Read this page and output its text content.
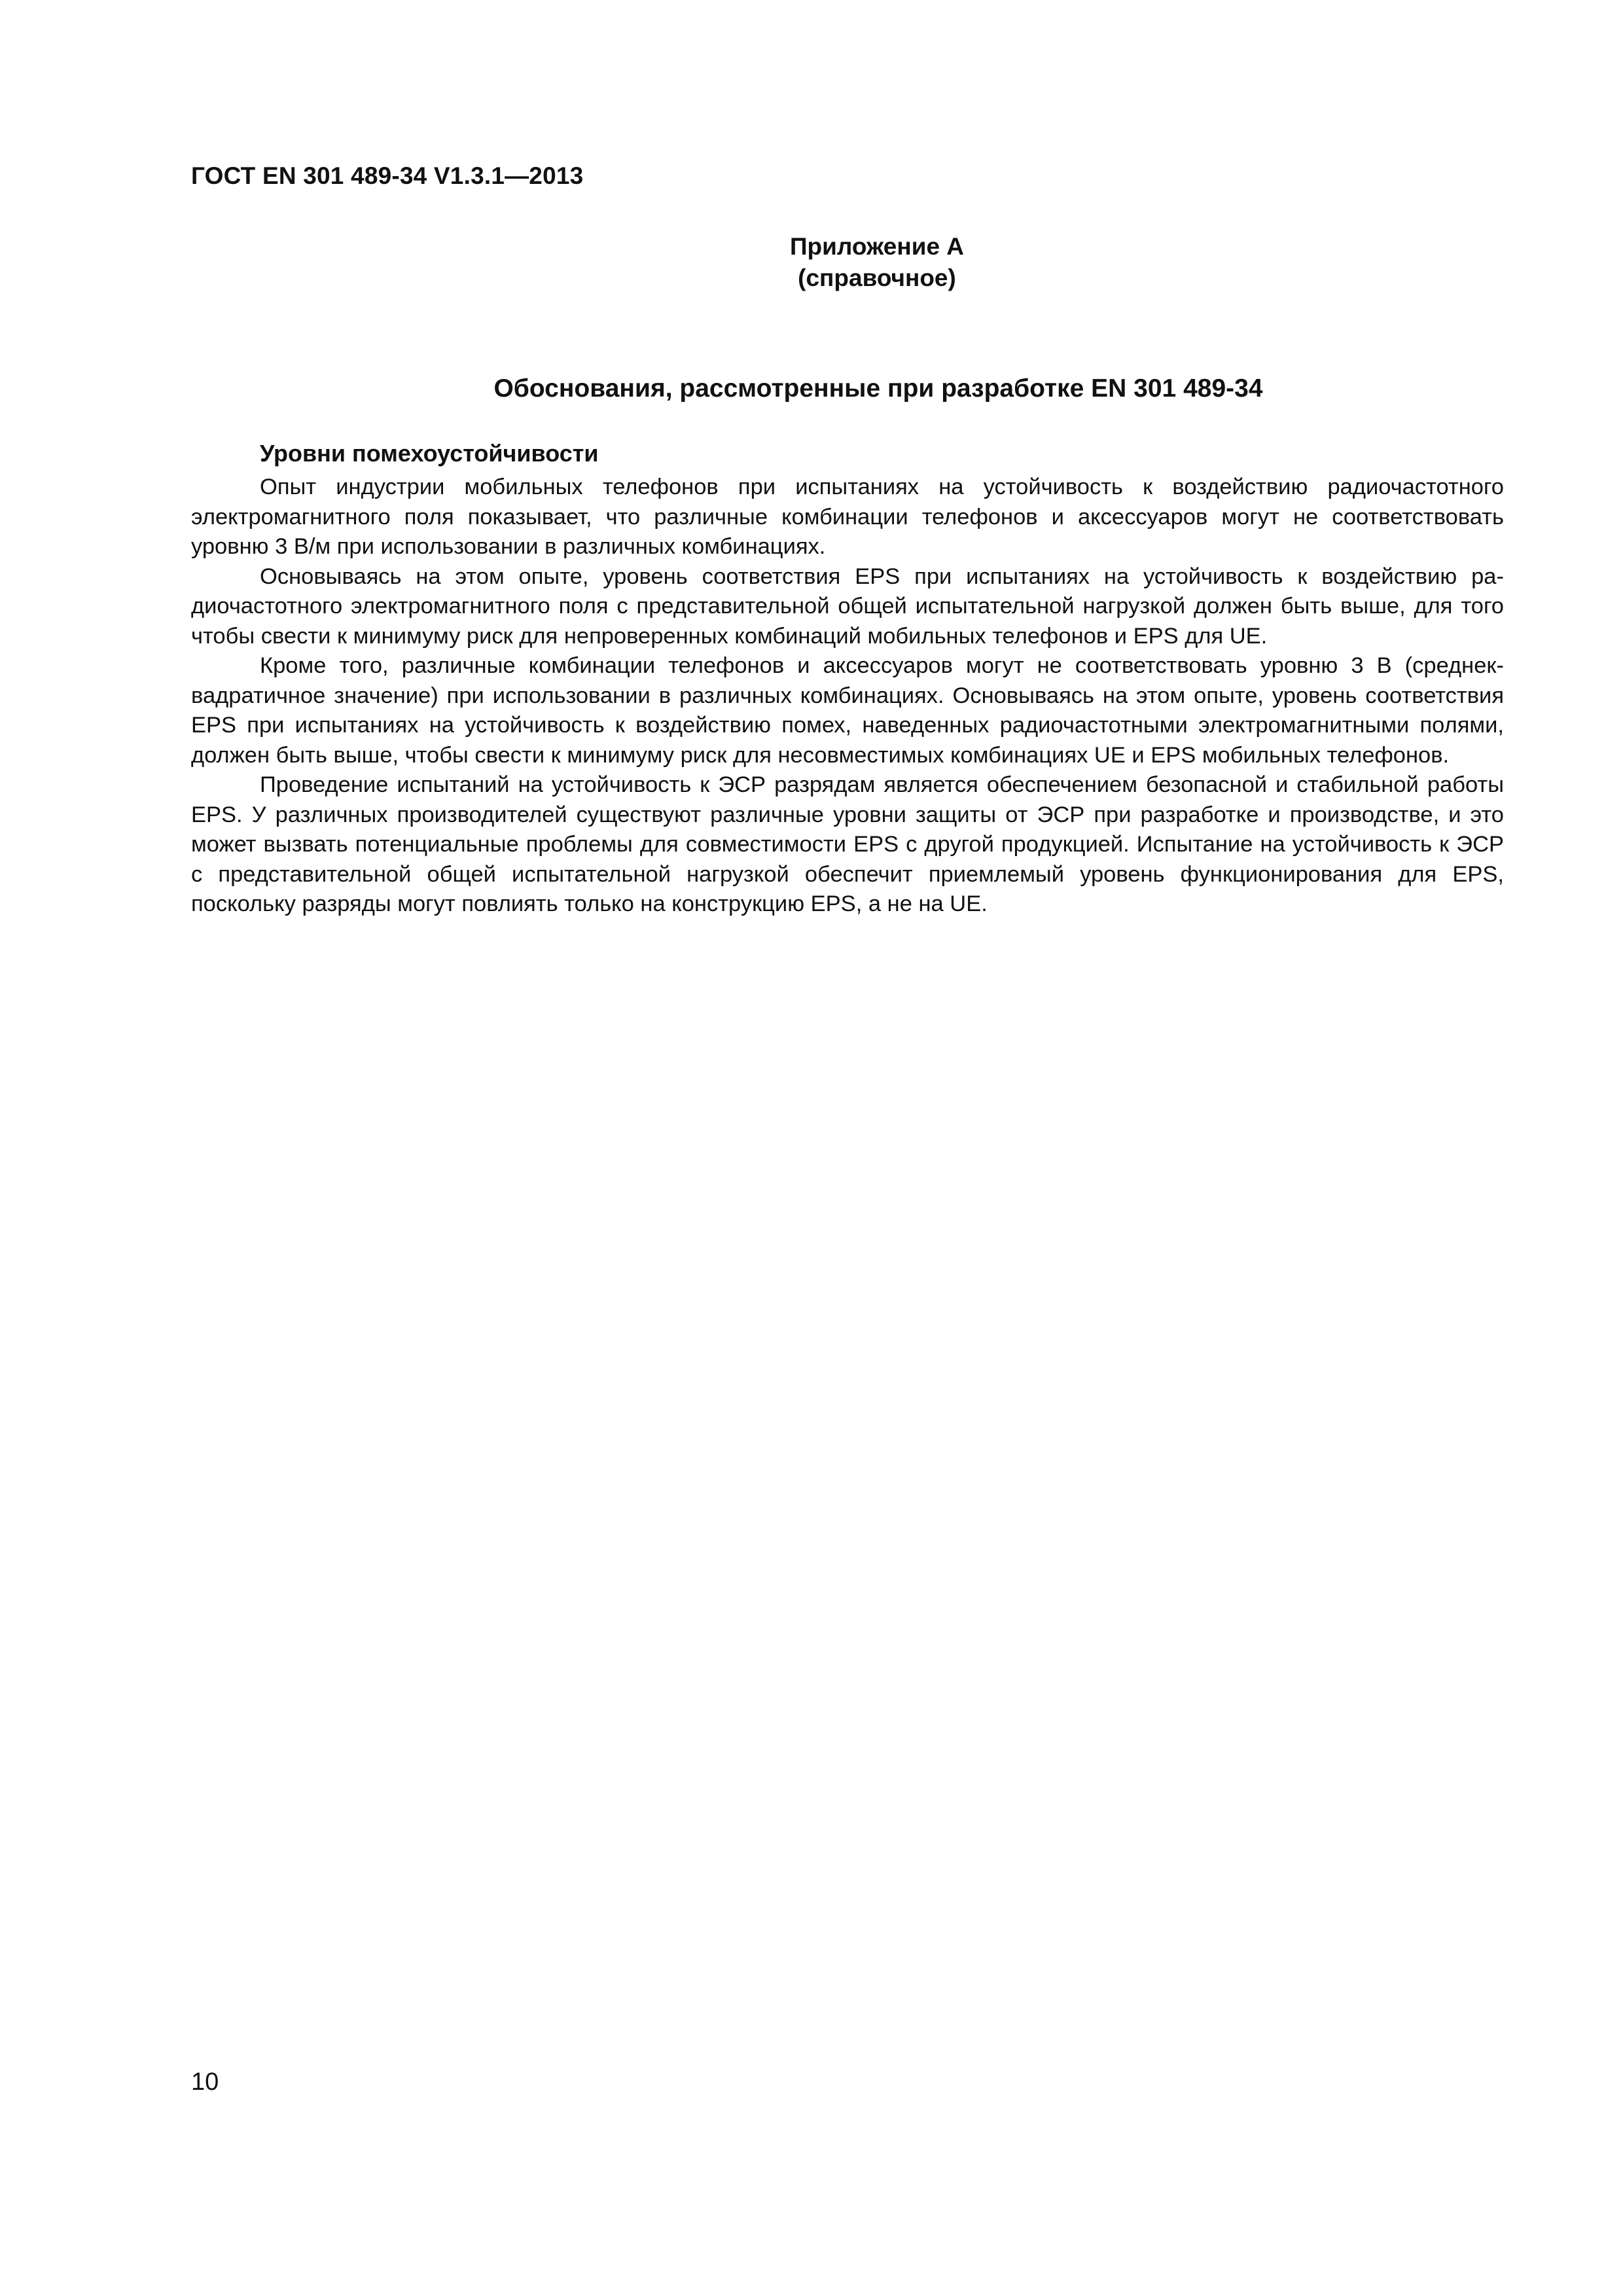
ГОСТ EN 301 489-34 V1.3.1—2013
Приложение А
(справочное)
Обоснования, рассмотренные при разработке EN 301 489-34
Уровни помехоустойчивости

Опыт индустрии мобильных телефонов при испытаниях на устойчивость к воздействию радиочастотного электромагнитного поля показывает, что различные комбинации телефонов и аксессуаров могут не соответствовать уровню 3 В/м при использовании в различных комбинациях.

Основываясь на этом опыте, уровень соответствия EPS при испытаниях на устойчивость к воздействию радиочастотного электромагнитного поля с представительной общей испытательной нагрузкой должен быть выше, для того чтобы свести к минимуму риск для непроверенных комбинаций мобильных телефонов и EPS для UE.

Кроме того, различные комбинации телефонов и аксессуаров могут не соответствовать уровню 3 В (среднеквадратичное значение) при использовании в различных комбинациях. Основываясь на этом опыте, уровень соответствия EPS при испытаниях на устойчивость к воздействию помех, наведенных радиочастотными электромагнитными полями, должен быть выше, чтобы свести к минимуму риск для несовместимых комбинациях UE и EPS мобильных телефонов.

Проведение испытаний на устойчивость к ЭСР разрядам является обеспечением безопасной и стабильной работы EPS. У различных производителей существуют различные уровни защиты от ЭСР при разработке и производстве, и это может вызвать потенциальные проблемы для совместимости EPS с другой продукцией. Испытание на устойчивость к ЭСР с представительной общей испытательной нагрузкой обеспечит приемлемый уровень функционирования для EPS, поскольку разряды могут повлиять только на конструкцию EPS, а не на UE.

10
